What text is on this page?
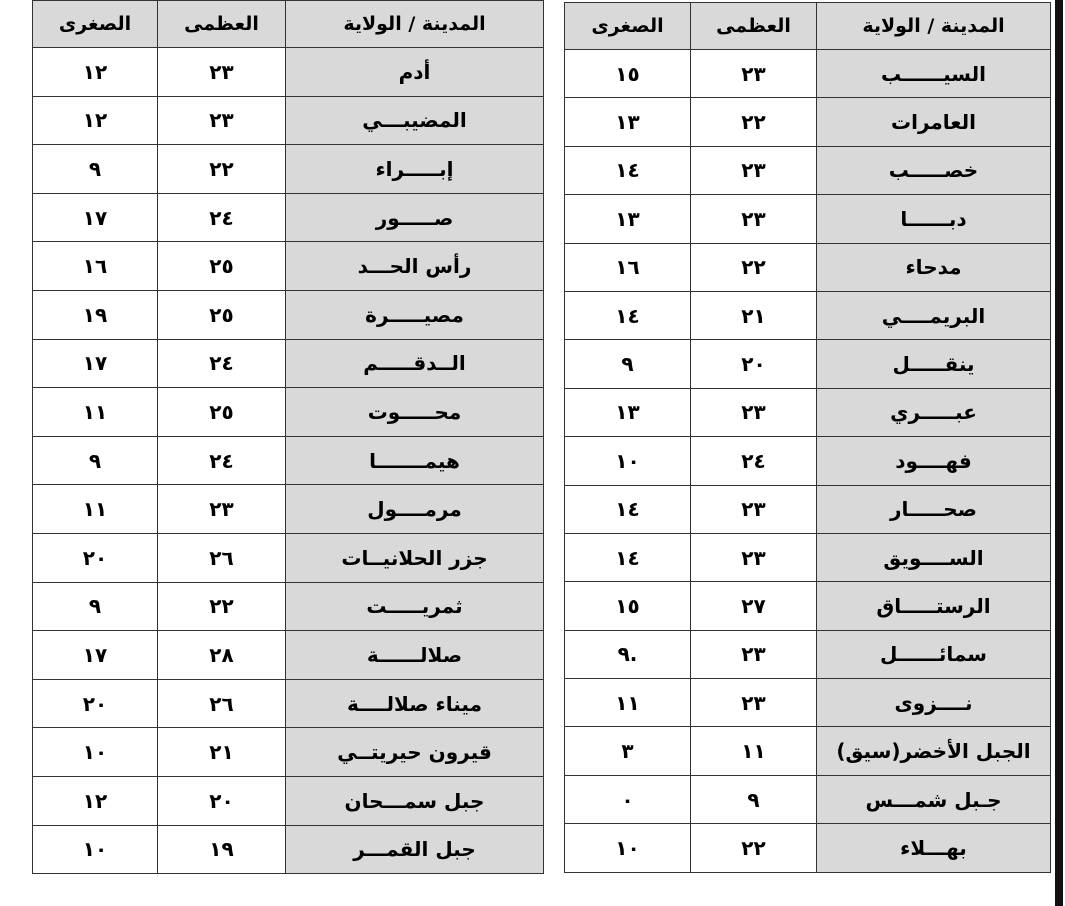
المدينة / الولاية	العظمى	الصغرى
أدم	٢٣	١٢
المضيبـــي	٢٣	١٢
إبـــــراء	٢٢	٩
صـــــور	٢٤	١٧
رأس الحـــد	٢٥	١٦
مصيـــــرة	٢٥	١٩
الــدقـــــم	٢٤	١٧
محـــــوت	٢٥	١١
هيمـــــــا	٢٤	٩
مرمــــول	٢٣	١١
جزر الحلانيــات	٢٦	٢٠
ثمريـــــت	٢٢	٩
صلالــــــة	٢٨	١٧
ميناء صلالــــة	٢٦	٢٠
قيرون حيريتــي	٢١	١٠
جبل سمـــحان	٢٠	١٢
جبل القمـــر	١٩	١٠
المدينة / الولاية	العظمى	الصغرى
السيــــــب	٢٣	١٥
العامرات	٢٢	١٣
خصـــــب	٢٣	١٤
دبــــــا	٢٣	١٣
مدحاء	٢٢	١٦
البريمــــي	٢١	١٤
ينقـــــل	٢٠	٩
عبـــــري	٢٣	١٣
فهــــود	٢٤	١٠
صحـــــار	٢٣	١٤
الســــويق	٢٣	١٤
الرستـــــاق	٢٧	١٥
سمائــــــل	٢٣	.٩
نــــزوى	٢٣	١١
الجبل الأخضر(سيق)	١١	٣
جـبل شمـــس	٩	٠
بهـــلاء	٢٢	١٠
